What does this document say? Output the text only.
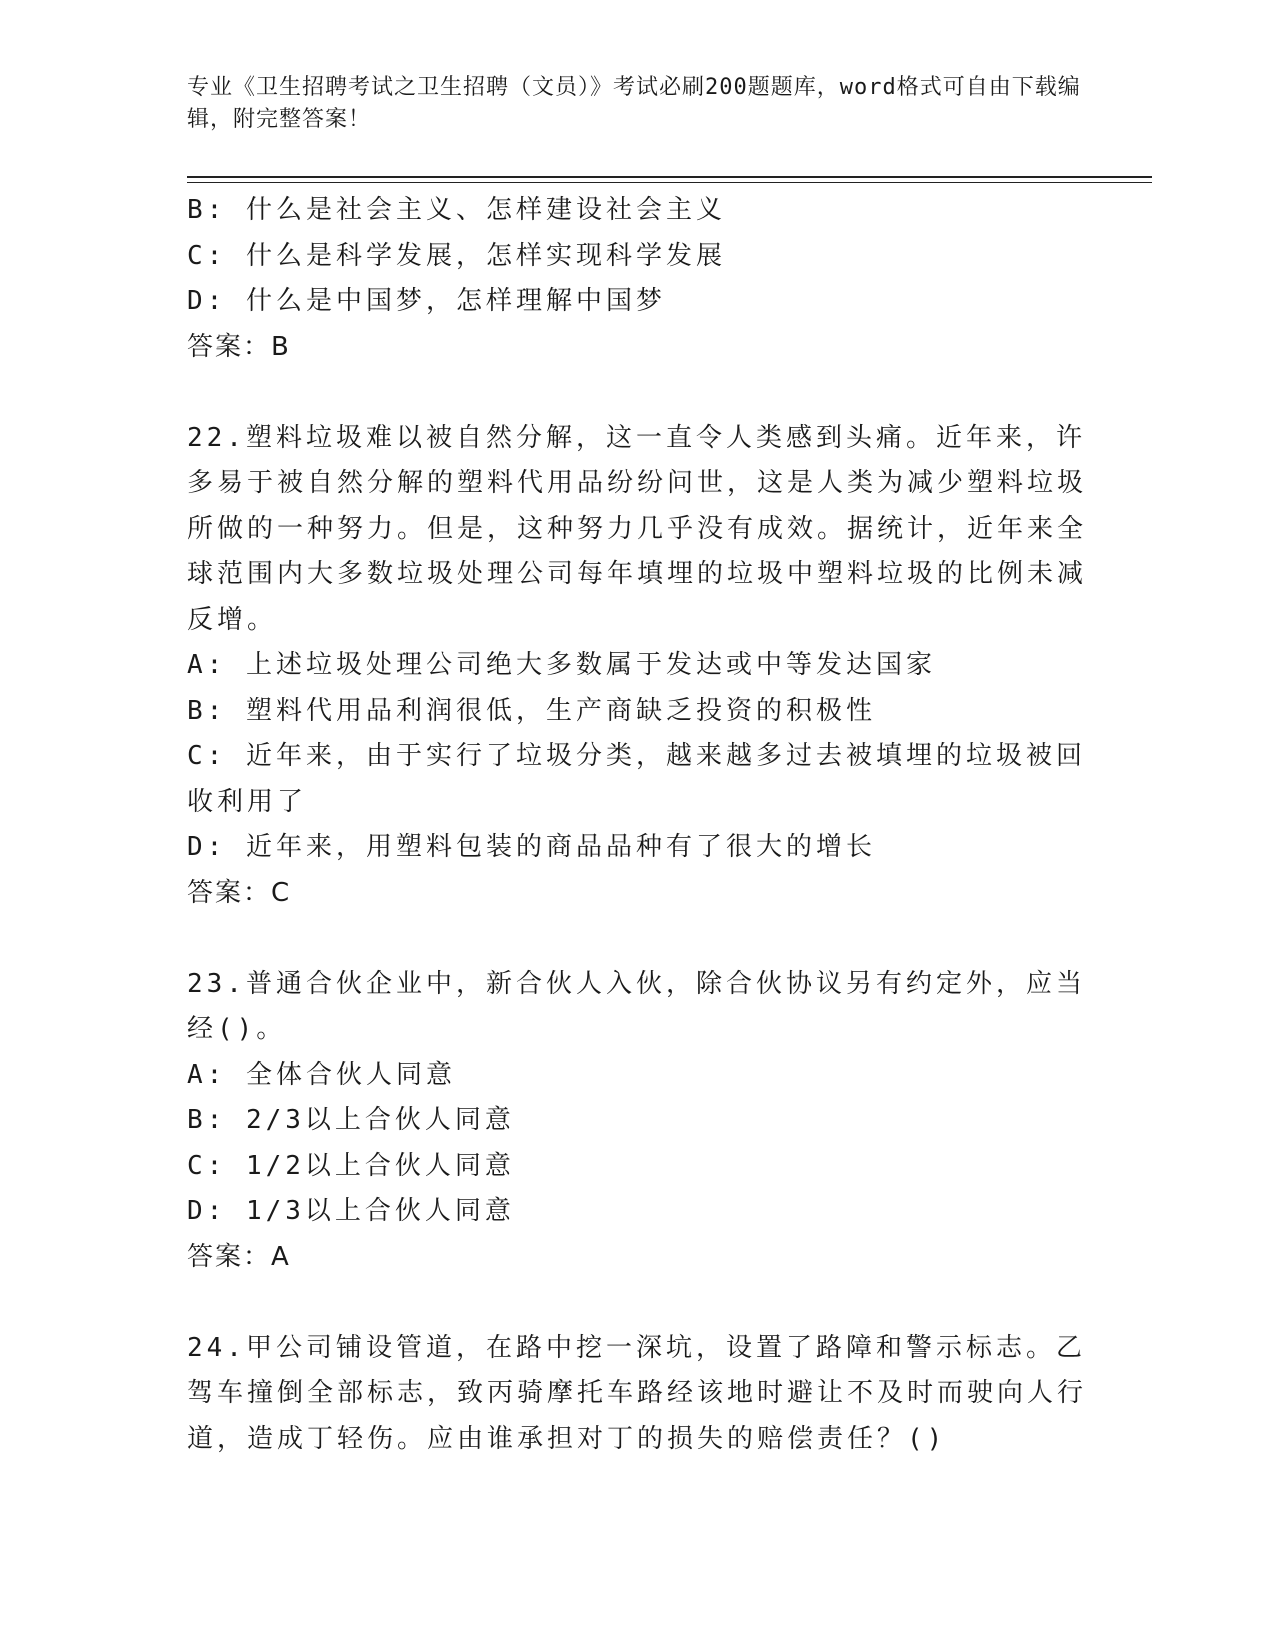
专业《卫生招聘考试之卫生招聘（文员）》考试必刷200题题库，word格式可自由下载编辑，附完整答案！

B: 什么是社会主义、怎样建设社会主义

C: 什么是科学发展，怎样实现科学发展

D: 什么是中国梦，怎样理解中国梦

答案：B

22.塑料垃圾难以被自然分解，这一直令人类感到头痛。近年来，许多易于被自然分解的塑料代用品纷纷问世，这是人类为减少塑料垃圾所做的一种努力。但是，这种努力几乎没有成效。据统计，近年来全球范围内大多数垃圾处理公司每年填埋的垃圾中塑料垃圾的比例未减反增。

A: 上述垃圾处理公司绝大多数属于发达或中等发达国家

B: 塑料代用品利润很低，生产商缺乏投资的积极性

C: 近年来，由于实行了垃圾分类，越来越多过去被填埋的垃圾被回收利用了

D: 近年来，用塑料包装的商品品种有了很大的增长

答案：C

23.普通合伙企业中，新合伙人入伙，除合伙协议另有约定外，应当经()。

A: 全体合伙人同意

B: 2/3以上合伙人同意

C: 1/2以上合伙人同意

D: 1/3以上合伙人同意

答案：A

24.甲公司铺设管道，在路中挖一深坑，设置了路障和警示标志。乙驾车撞倒全部标志，致丙骑摩托车路经该地时避让不及时而驶向人行道，造成丁轻伤。应由谁承担对丁的损失的赔偿责任？()
